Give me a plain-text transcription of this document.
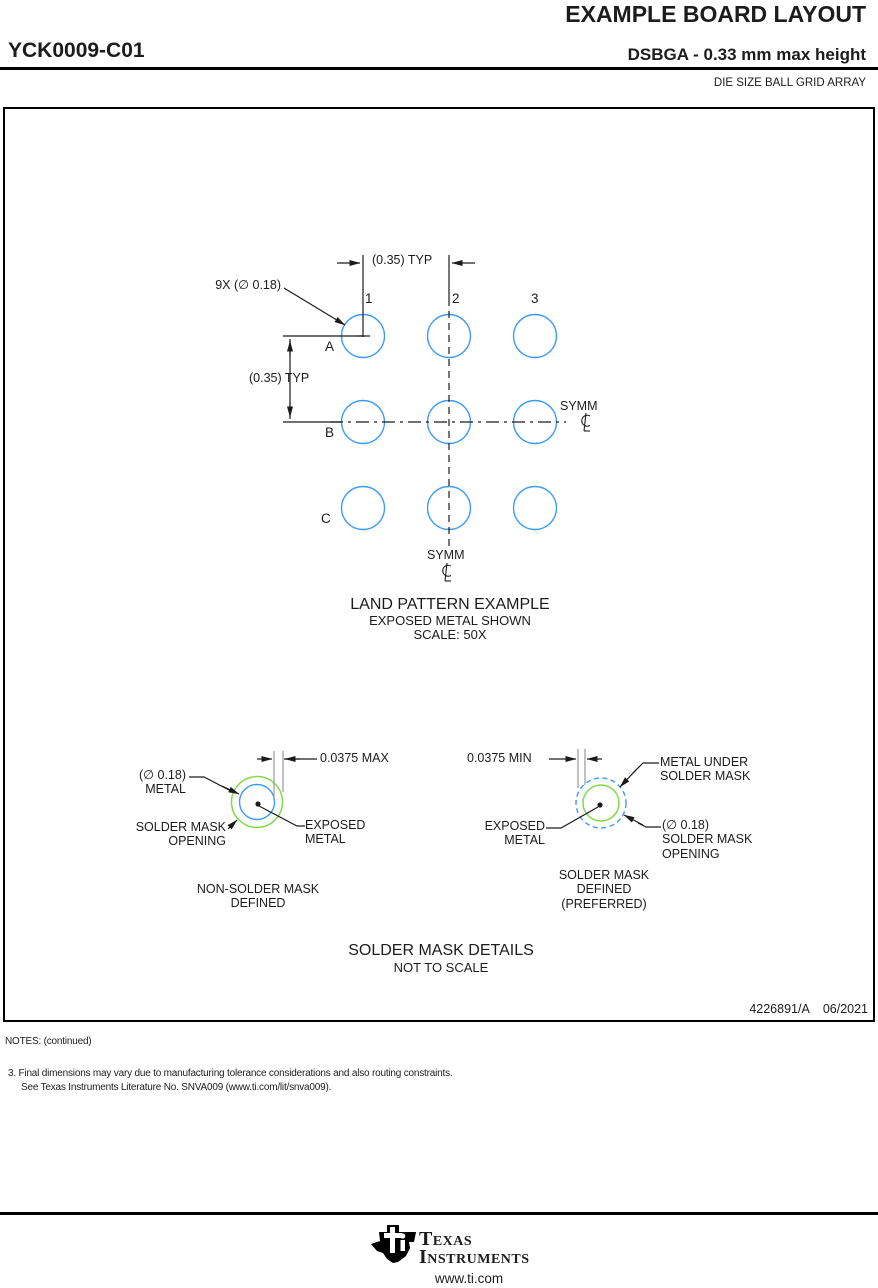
EXAMPLE BOARD LAYOUT
YCK0009-C01	DSBGA - 0.33 mm max height
DIE SIZE BALL GRID ARRAY
(0.35) TYP
9X (∅ 0.18)
1	2	3
A
B
C
(0.35) TYP
SYMM
SYMM
LAND PATTERN EXAMPLE
EXPOSED METAL SHOWN
SCALE: 50X
0.0375 MAX
(∅ 0.18)
METAL
SOLDER MASK
OPENING
EXPOSED
METAL
NON-SOLDER MASK
DEFINED
0.0375 MIN	METAL UNDER
SOLDER MASK
EXPOSED
METAL
(∅ 0.18)
SOLDER MASK
OPENING
SOLDER MASK
DEFINED
(PREFERRED)
SOLDER MASK DETAILS
NOT TO SCALE
4226891/A 06/2021
NOTES: (continued)
3. Final dimensions may vary due to manufacturing tolerance considerations and also routing constraints.
See Texas Instruments Literature No. SNVA009 (www.ti.com/lit/snva009).
Texas
Instruments
www.ti.com
